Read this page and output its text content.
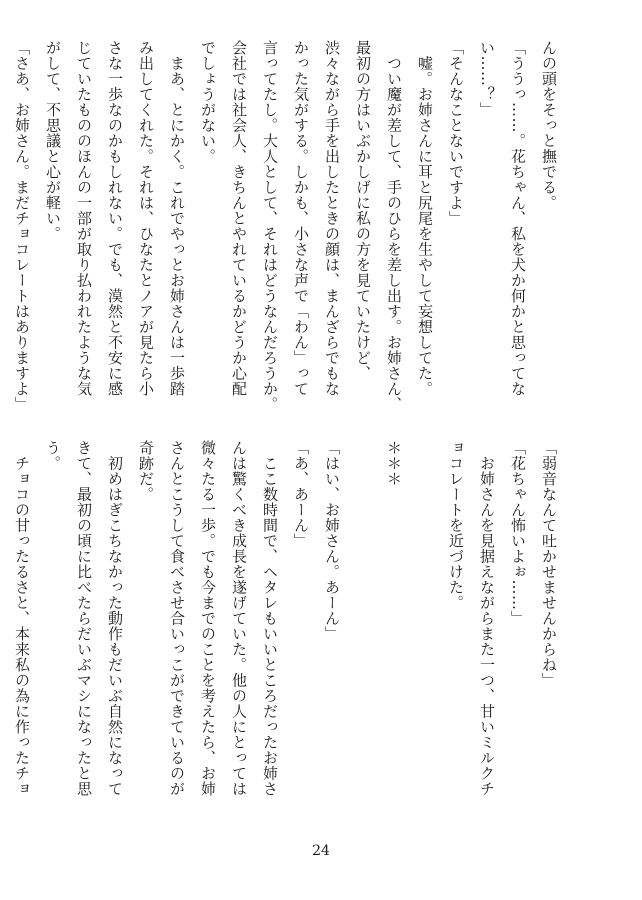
んの頭をそっと撫でる。
「ううっ……。花ちゃん、私を犬か何かと思ってな
い……？」
「そんなことないですよ」
　嘘。お姉さんに耳と尻尾を生やして妄想してた。
　つい魔が差して、手のひらを差し出す。お姉さん、
最初の方はいぶかしげに私の方を見ていたけど、
渋々ながら手を出したときの顔は、まんざらでもな
かった気がする。しかも、小さな声で「わん」って
言ってたし。大人として、それはどうなんだろうか。
会社では社会人、きちんとやれているかどうか心配
でしょうがない。
　まあ、とにかく。これでやっとお姉さんは一歩踏
み出してくれた。それは、ひなたとノアが見たら小
さな一歩なのかもしれない。でも、漠然と不安に感
じていたもののほんの一部が取り払われたような気
がして、不思議と心が軽い。
「さあ、お姉さん。まだチョコレートはありますよ」
「弱音なんて吐かせませんからね」
「花ちゃん怖いよぉ……」
　お姉さんを見据えながらまた一つ、甘いミルクチ
ョコレートを近づけた。

＊＊＊

「はい、お姉さん。あーん」
「あ、あーん」
　ここ数時間で、ヘタレもいいところだったお姉さ
んは驚くべき成長を遂げていた。他の人にとっては
微々たる一歩。でも今までのことを考えたら、お姉
さんとこうして食べさせ合いっこができているのが
奇跡だ。
　初めはぎこちなかった動作もだいぶ自然になって
きて、最初の頃に比べたらだいぶマシになったと思
う。
　チョコの甘ったるさと、本来私の為に作ったチョ
24
